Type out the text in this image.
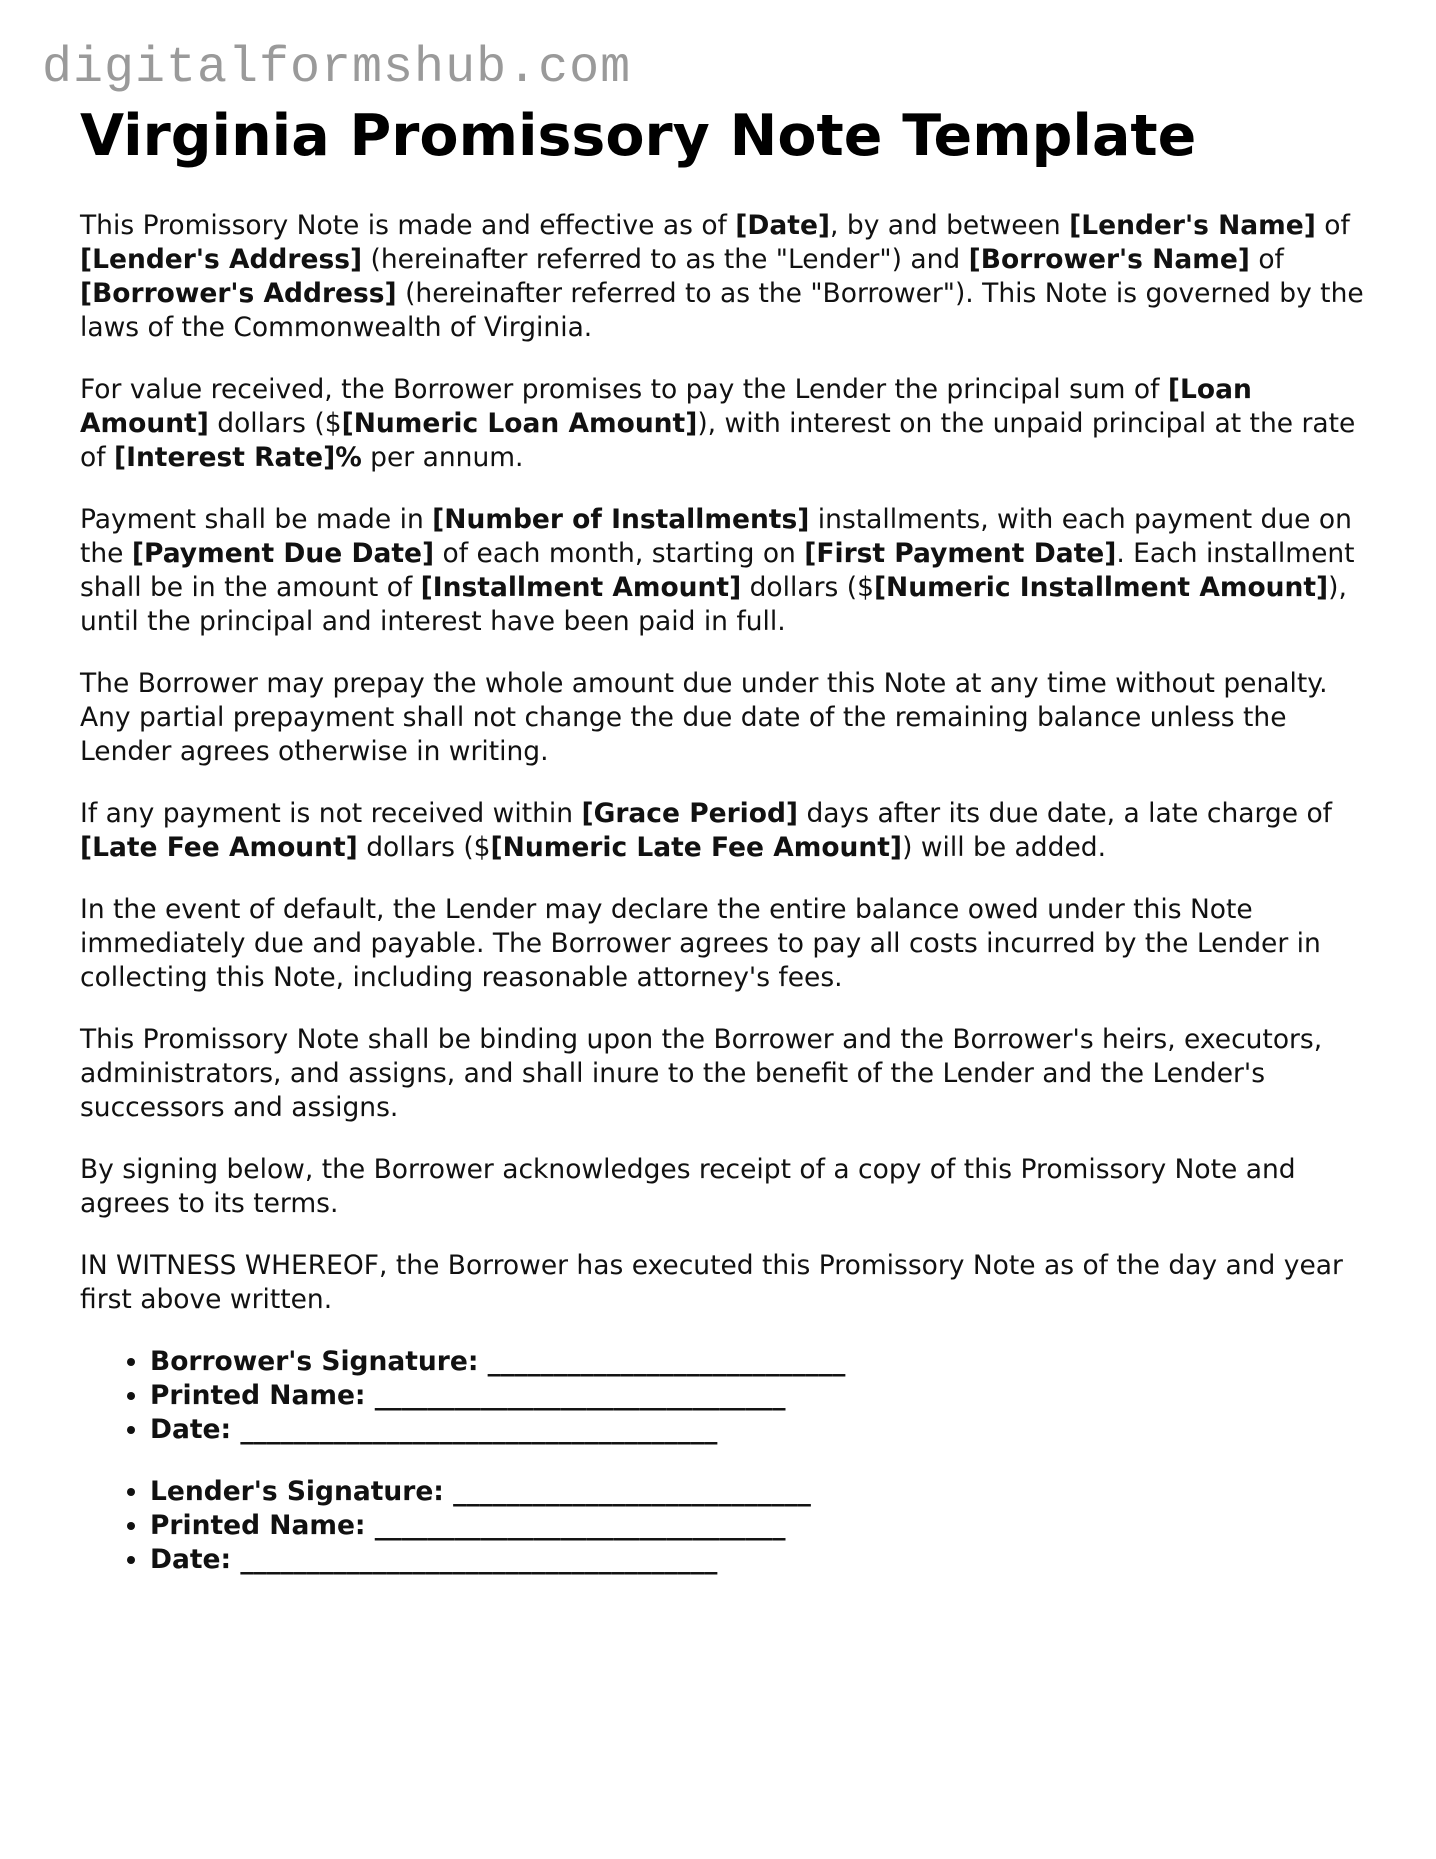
digitalformshub.com
Virginia Promissory Note Template

This Promissory Note is made and effective as of [Date], by and between [Lender's Name] of [Lender's Address] (hereinafter referred to as the "Lender") and [Borrower's Name] of [Borrower's Address] (hereinafter referred to as the "Borrower"). This Note is governed by the laws of the Commonwealth of Virginia.

For value received, the Borrower promises to pay the Lender the principal sum of [Loan Amount] dollars ($[Numeric Loan Amount]), with interest on the unpaid principal at the rate of [Interest Rate]% per annum.

Payment shall be made in [Number of Installments] installments, with each payment due on the [Payment Due Date] of each month, starting on [First Payment Date]. Each installment shall be in the amount of [Installment Amount] dollars ($[Numeric Installment Amount]), until the principal and interest have been paid in full.

The Borrower may prepay the whole amount due under this Note at any time without penalty. Any partial prepayment shall not change the due date of the remaining balance unless the Lender agrees otherwise in writing.

If any payment is not received within [Grace Period] days after its due date, a late charge of [Late Fee Amount] dollars ($[Numeric Late Fee Amount]) will be added.

In the event of default, the Lender may declare the entire balance owed under this Note immediately due and payable. The Borrower agrees to pay all costs incurred by the Lender in collecting this Note, including reasonable attorney's fees.

This Promissory Note shall be binding upon the Borrower and the Borrower's heirs, executors, administrators, and assigns, and shall inure to the benefit of the Lender and the Lender's successors and assigns.

By signing below, the Borrower acknowledges receipt of a copy of this Promissory Note and agrees to its terms.

IN WITNESS WHEREOF, the Borrower has executed this Promissory Note as of the day and year first above written.

• Borrower's Signature: ___________________________
• Printed Name: _______________________________
• Date: ____________________________________
• Lender's Signature: ___________________________
• Printed Name: _______________________________
• Date: ____________________________________
